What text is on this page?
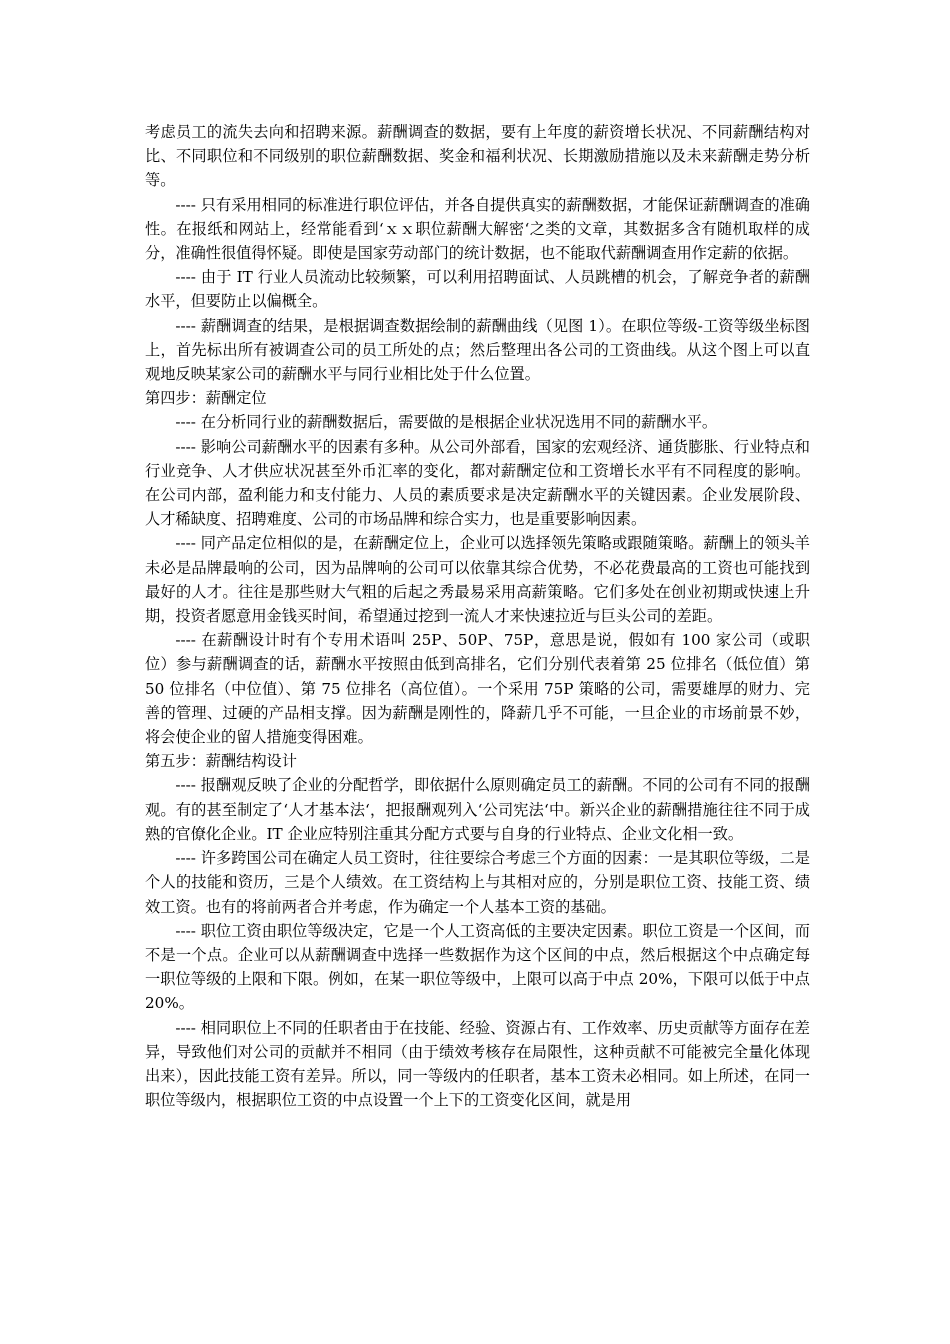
考虑员工的流失去向和招聘来源。薪酬调查的数据，要有上年度的薪资增长状况、不同薪酬结构对比、不同职位和不同级别的职位薪酬数据、奖金和福利状况、长期激励措施以及未来薪酬走势分析等。

---- 只有采用相同的标准进行职位评估，并各自提供真实的薪酬数据，才能保证薪酬调查的准确性。在报纸和网站上，经常能看到‘ｘｘ职位薪酬大解密‘之类的文章，其数据多含有随机取样的成分，准确性很值得怀疑。即使是国家劳动部门的统计数据，也不能取代薪酬调查用作定薪的依据。

---- 由于 IT 行业人员流动比较频繁，可以利用招聘面试、人员跳槽的机会，了解竞争者的薪酬水平，但要防止以偏概全。

---- 薪酬调查的结果，是根据调查数据绘制的薪酬曲线（见图 1）。在职位等级-工资等级坐标图上，首先标出所有被调查公司的员工所处的点；然后整理出各公司的工资曲线。从这个图上可以直观地反映某家公司的薪酬水平与同行业相比处于什么位置。

第四步：薪酬定位

---- 在分析同行业的薪酬数据后，需要做的是根据企业状况选用不同的薪酬水平。

---- 影响公司薪酬水平的因素有多种。从公司外部看，国家的宏观经济、通货膨胀、行业特点和行业竞争、人才供应状况甚至外币汇率的变化，都对薪酬定位和工资增长水平有不同程度的影响。在公司内部，盈利能力和支付能力、人员的素质要求是决定薪酬水平的关键因素。企业发展阶段、人才稀缺度、招聘难度、公司的市场品牌和综合实力，也是重要影响因素。

---- 同产品定位相似的是，在薪酬定位上，企业可以选择领先策略或跟随策略。薪酬上的领头羊未必是品牌最响的公司，因为品牌响的公司可以依靠其综合优势，不必花费最高的工资也可能找到最好的人才。往往是那些财大气粗的后起之秀最易采用高薪策略。它们多处在创业初期或快速上升期，投资者愿意用金钱买时间，希望通过挖到一流人才来快速拉近与巨头公司的差距。

---- 在薪酬设计时有个专用术语叫 25P、50P、75P，意思是说，假如有 100 家公司（或职位）参与薪酬调查的话，薪酬水平按照由低到高排名，它们分别代表着第 25 位排名（低位值）第 50 位排名（中位值）、第 75 位排名（高位值）。一个采用 75P 策略的公司，需要雄厚的财力、完善的管理、过硬的产品相支撑。因为薪酬是刚性的，降薪几乎不可能，一旦企业的市场前景不妙，将会使企业的留人措施变得困难。

第五步：薪酬结构设计

---- 报酬观反映了企业的分配哲学，即依据什么原则确定员工的薪酬。不同的公司有不同的报酬观。有的甚至制定了‘人才基本法‘，把报酬观列入‘公司宪法‘中。新兴企业的薪酬措施往往不同于成熟的官僚化企业。IT 企业应特别注重其分配方式要与自身的行业特点、企业文化相一致。

---- 许多跨国公司在确定人员工资时，往往要综合考虑三个方面的因素：一是其职位等级，二是个人的技能和资历，三是个人绩效。在工资结构上与其相对应的，分别是职位工资、技能工资、绩效工资。也有的将前两者合并考虑，作为确定一个人基本工资的基础。

---- 职位工资由职位等级决定，它是一个人工资高低的主要决定因素。职位工资是一个区间，而不是一个点。企业可以从薪酬调查中选择一些数据作为这个区间的中点，然后根据这个中点确定每一职位等级的上限和下限。例如，在某一职位等级中，上限可以高于中点 20%，下限可以低于中点 20%。

---- 相同职位上不同的任职者由于在技能、经验、资源占有、工作效率、历史贡献等方面存在差异，导致他们对公司的贡献并不相同（由于绩效考核存在局限性，这种贡献不可能被完全量化体现出来），因此技能工资有差异。所以，同一等级内的任职者，基本工资未必相同。如上所述，在同一职位等级内，根据职位工资的中点设置一个上下的工资变化区间，就是用
